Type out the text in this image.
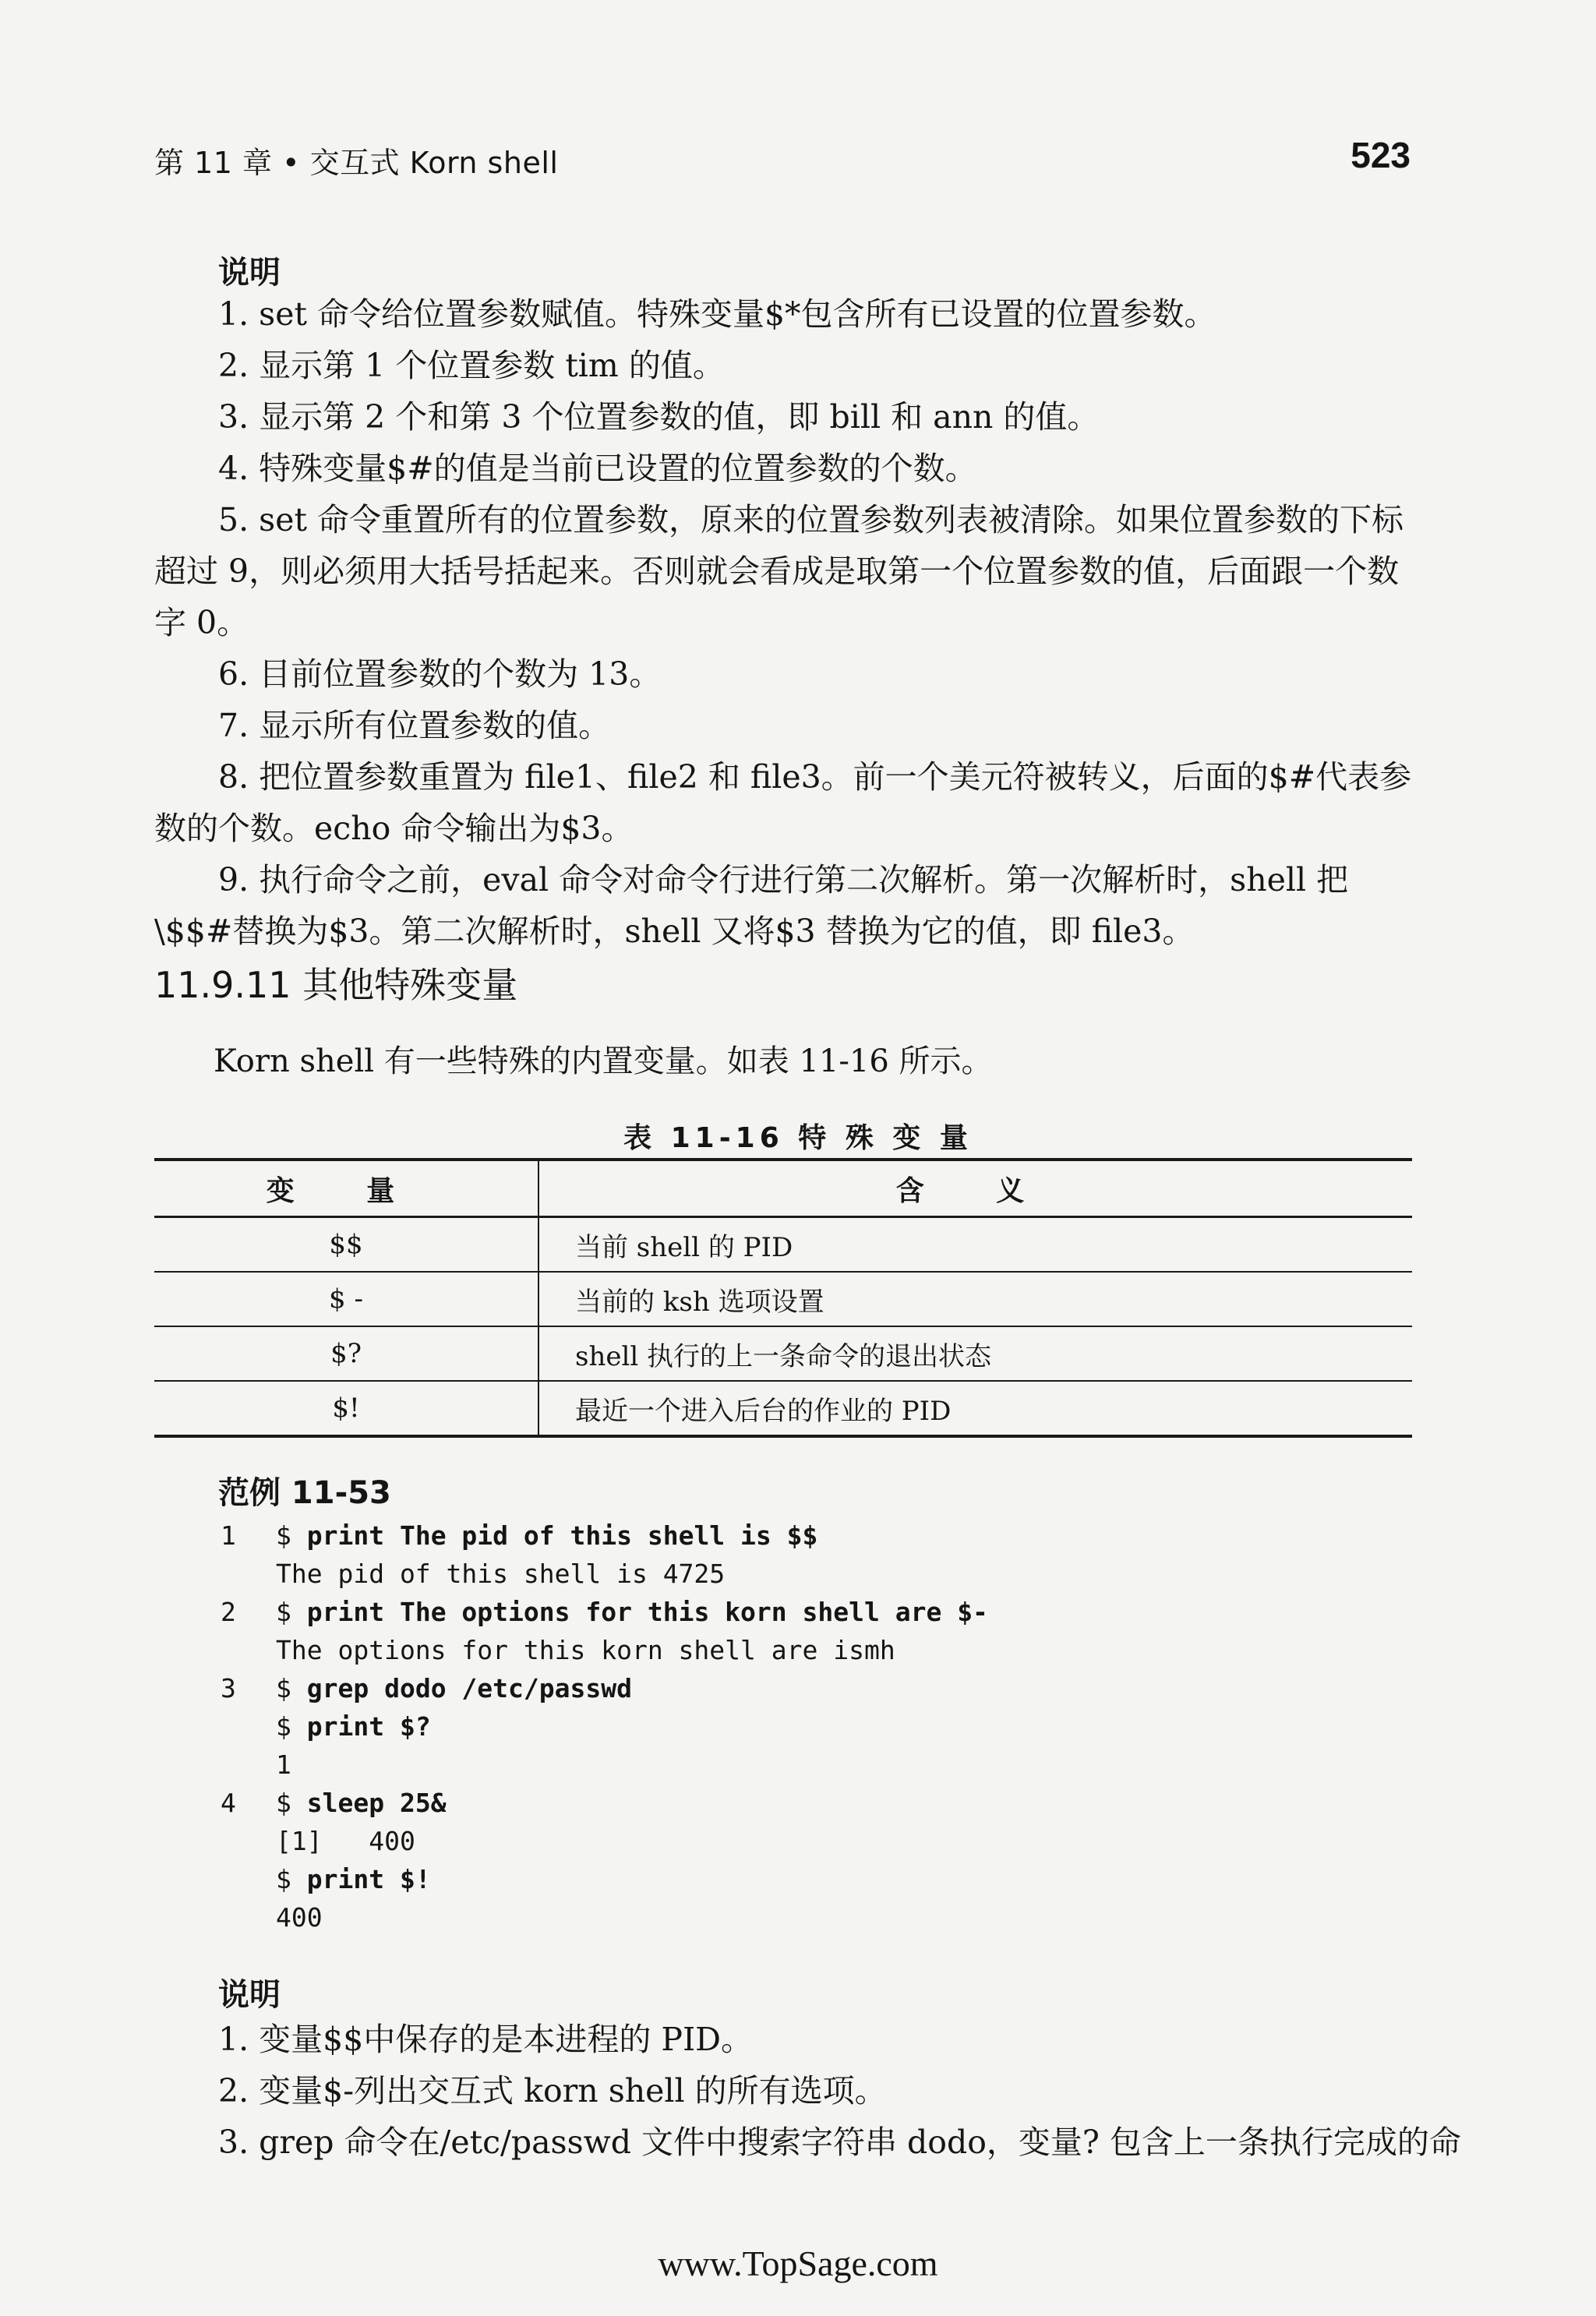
第 11 章 • 交互式 Korn shell	523
说明
1. set 命令给位置参数赋值。特殊变量$*包含所有已设置的位置参数。
2. 显示第 1 个位置参数 tim 的值。
3. 显示第 2 个和第 3 个位置参数的值，即 bill 和 ann 的值。
4. 特殊变量$#的值是当前已设置的位置参数的个数。
5. set 命令重置所有的位置参数，原来的位置参数列表被清除。如果位置参数的下标超过 9，则必须用大括号括起来。否则就会看成是取第一个位置参数的值，后面跟一个数字 0。
6. 目前位置参数的个数为 13。
7. 显示所有位置参数的值。
8. 把位置参数重置为 file1、file2 和 file3。前一个美元符被转义，后面的$#代表参数的个数。echo 命令输出为$3。
9. 执行命令之前，eval 命令对命令行进行第二次解析。第一次解析时，shell 把\$$#替换为$3。第二次解析时，shell 又将$3 替换为它的值，即 file3。
11.9.11 其他特殊变量
Korn shell 有一些特殊的内置变量。如表 11-16 所示。
表 11-16 特 殊 变 量
变 量	含 义
$$	当前 shell 的 PID
$ -	当前的 ksh 选项设置
$?	shell 执行的上一条命令的退出状态
$!	最近一个进入后台的作业的 PID
范例 11-53

1

$ print The pid of this shell is $$

The pid of this shell is 4725

2

$ print The options for this korn shell are $-

The options for this korn shell are ismh

3

$ grep dodo /etc/passwd

$ print $?

1

4

$ sleep 25&

[1]   400

$ print $!

400

说明
1. 变量$$中保存的是本进程的 PID。
2. 变量$-列出交互式 korn shell 的所有选项。
3. grep 命令在/etc/passwd 文件中搜索字符串 dodo，变量? 包含上一条执行完成的命
www.TopSage.com
